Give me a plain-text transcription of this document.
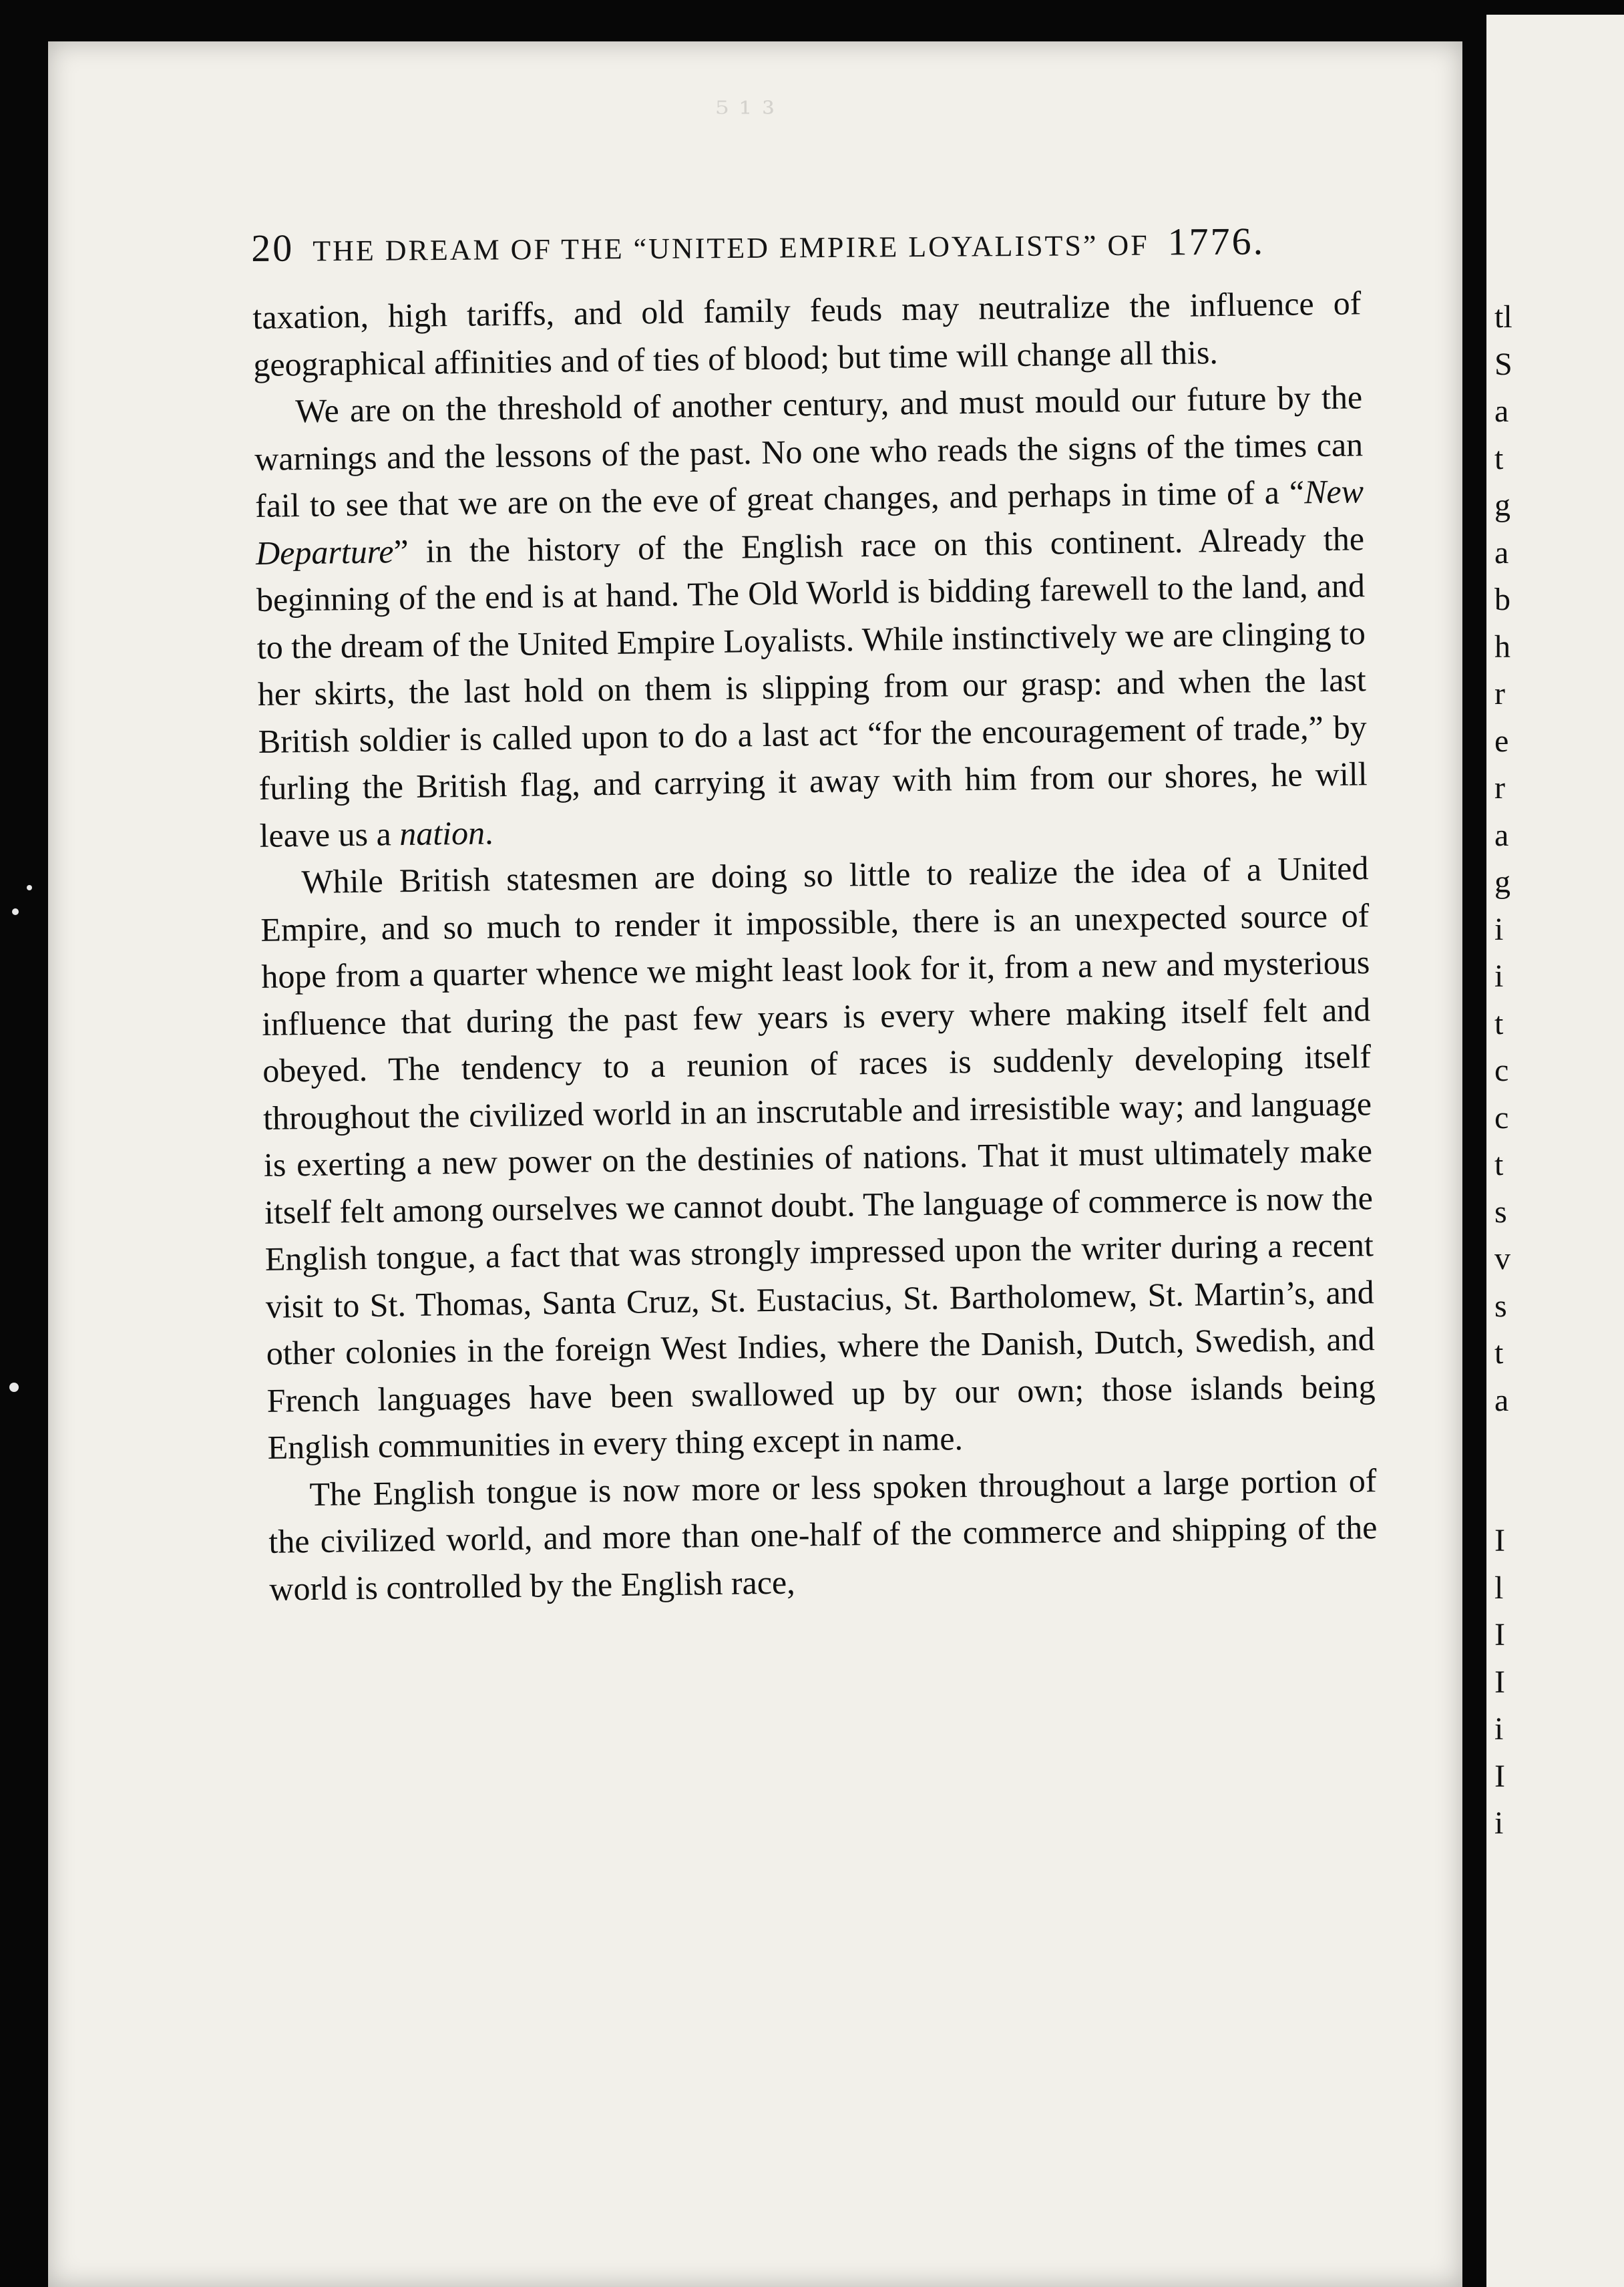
⁵ ¹ ³
20 THE DREAM OF THE “UNITED EMPIRE LOYALISTS” OF 1776.

taxation, high tariffs, and old family feuds may neutralize the influence of geographical affinities and of ties of blood; but time will change all this.

We are on the threshold of another century, and must mould our future by the warnings and the lessons of the past. No one who reads the signs of the times can fail to see that we are on the eve of great changes, and perhaps in time of a “New Departure” in the history of the English race on this continent. Already the beginning of the end is at hand. The Old World is bidding farewell to the land, and to the dream of the United Empire Loyalists. While instinctively we are clinging to her skirts, the last hold on them is slipping from our grasp: and when the last British soldier is called upon to do a last act “for the encouragement of trade,” by furling the British flag, and carrying it away with him from our shores, he will leave us a nation.

While British statesmen are doing so little to realize the idea of a United Empire, and so much to render it impossible, there is an unexpected source of hope from a quarter whence we might least look for it, from a new and mysterious influence that during the past few years is every where making itself felt and obeyed. The tendency to a reunion of races is suddenly developing itself throughout the civilized world in an inscrutable and irresistible way; and language is exerting a new power on the destinies of nations. That it must ultimately make itself felt among ourselves we cannot doubt. The language of commerce is now the English tongue, a fact that was strongly impressed upon the writer during a recent visit to St. Thomas, Santa Cruz, St. Eustacius, St. Bartholomew, St. Martin’s, and other colonies in the foreign West Indies, where the Danish, Dutch, Swedish, and French languages have been swallowed up by our own; those islands being English communities in every thing except in name.

The English tongue is now more or less spoken throughout a large portion of the civilized world, and more than one-half of the commerce and shipping of the world is controlled by the English race,

tl
S
a
t
g
a
b
h
r
e
r
a
g
i
i
t
c
c
t
s
v
s
t
a
I
l
I
I
i
I
i
